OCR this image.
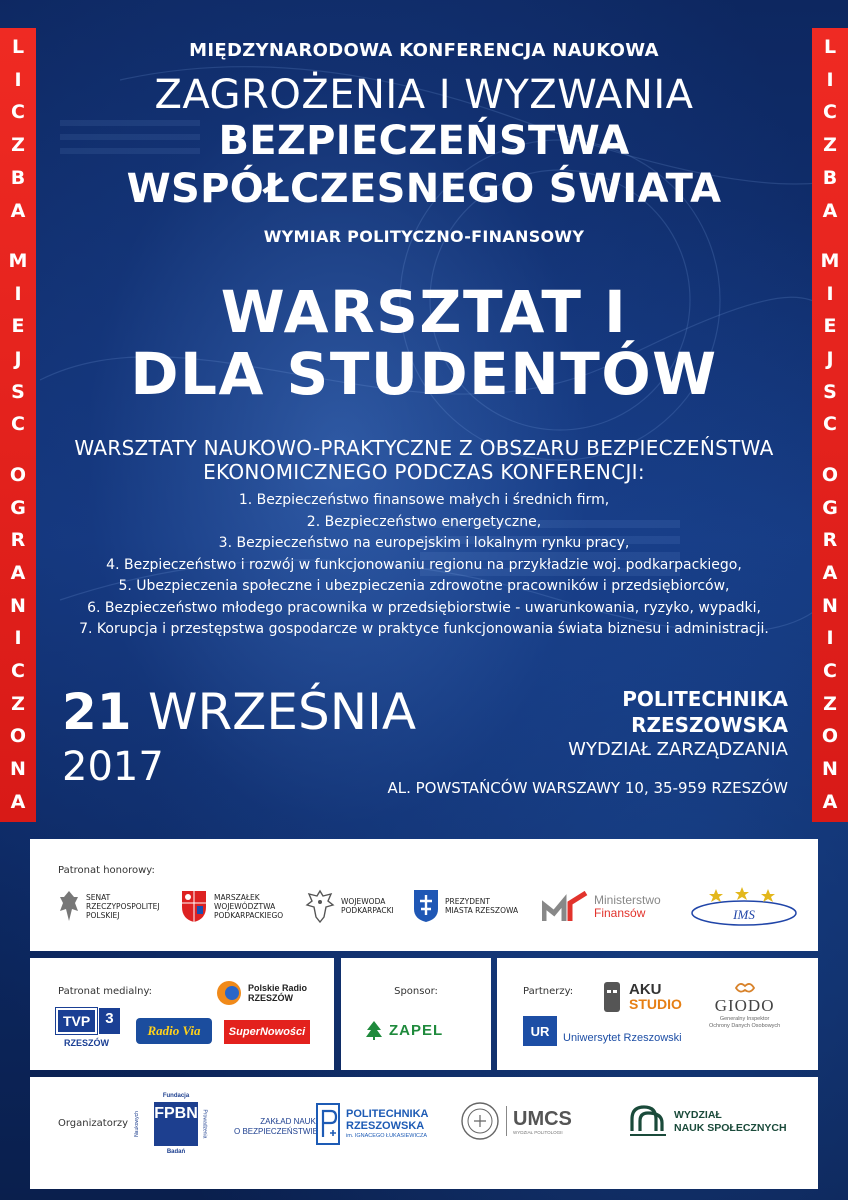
L
I
C
Z
B
A
M
I
E
J
S
C
O
G
R
A
N
I
C
Z
O
N
A
L
I
C
Z
B
A
M
I
E
J
S
C
O
G
R
A
N
I
C
Z
O
N
A
MIĘDZYNARODOWA KONFERENCJA NAUKOWA
ZAGROŻENIA I WYZWANIA
BEZPIECZEŃSTWA
WSPÓŁCZESNEGO ŚWIATA
WYMIAR POLITYCZNO-FINANSOWY
WARSZTAT I
DLA STUDENTÓW
WARSZTATY NAUKOWO-PRAKTYCZNE Z OBSZARU BEZPIECZEŃSTWA
EKONOMICZNEGO PODCZAS KONFERENCJI:
1. Bezpieczeństwo finansowe małych i średnich firm,
2. Bezpieczeństwo energetyczne,
3. Bezpieczeństwo na europejskim i lokalnym rynku pracy,
4. Bezpieczeństwo i rozwój w funkcjonowaniu regionu na przykładzie woj. podkarpackiego,
5. Ubezpieczenia społeczne i ubezpieczenia zdrowotne pracowników i przedsiębiorców,
6. Bezpieczeństwo młodego pracownika w przedsiębiorstwie - uwarunkowania, ryzyko, wypadki,
7. Korupcja i przestępstwa gospodarcze w praktyce funkcjonowania świata biznesu i administracji.
21 WRZEŚNIA
2017
POLITECHNIKA
RZESZOWSKA
WYDZIAŁ ZARZĄDZANIA
AL. POWSTAŃCÓW WARSZAWY 10, 35-959 RZESZÓW
Patronat honorowy:
SENAT
RZECZYPOSPOLITEJ
POLSKIEJ
MARSZAŁEK
WOJEWÓDZTWA
PODKARPACKIEGO
WOJEWODA
PODKARPACKI
PREZYDENT
MIASTA RZESZOWA
Ministerstwo
Finansów	IMS
Patronat medialny:	Polskie Radio
RZESZÓW
TVP	3
RZESZÓW
Radio Via	SuperNowości
Sponsor:
ZAPEL
Partnerzy:	AKU
STUDIO GIODO
Generalny Inspektor
Ochrony Danych Osobowych
UR Uniwersytet Rzeszowski
Organizatorzy
Fundacja
FPBN
Naukowych	Prowadzenia
Badań
ZAKŁAD NAUKI
O BEZPIECZEŃSTWIE
POLITECHNIKA
RZESZOWSKA
im. IGNACEGO ŁUKASIEWICZA
UMCS
WYDZIAŁ POLITOLOGII
WYDZIAŁ
NAUK SPOŁECZNYCH
